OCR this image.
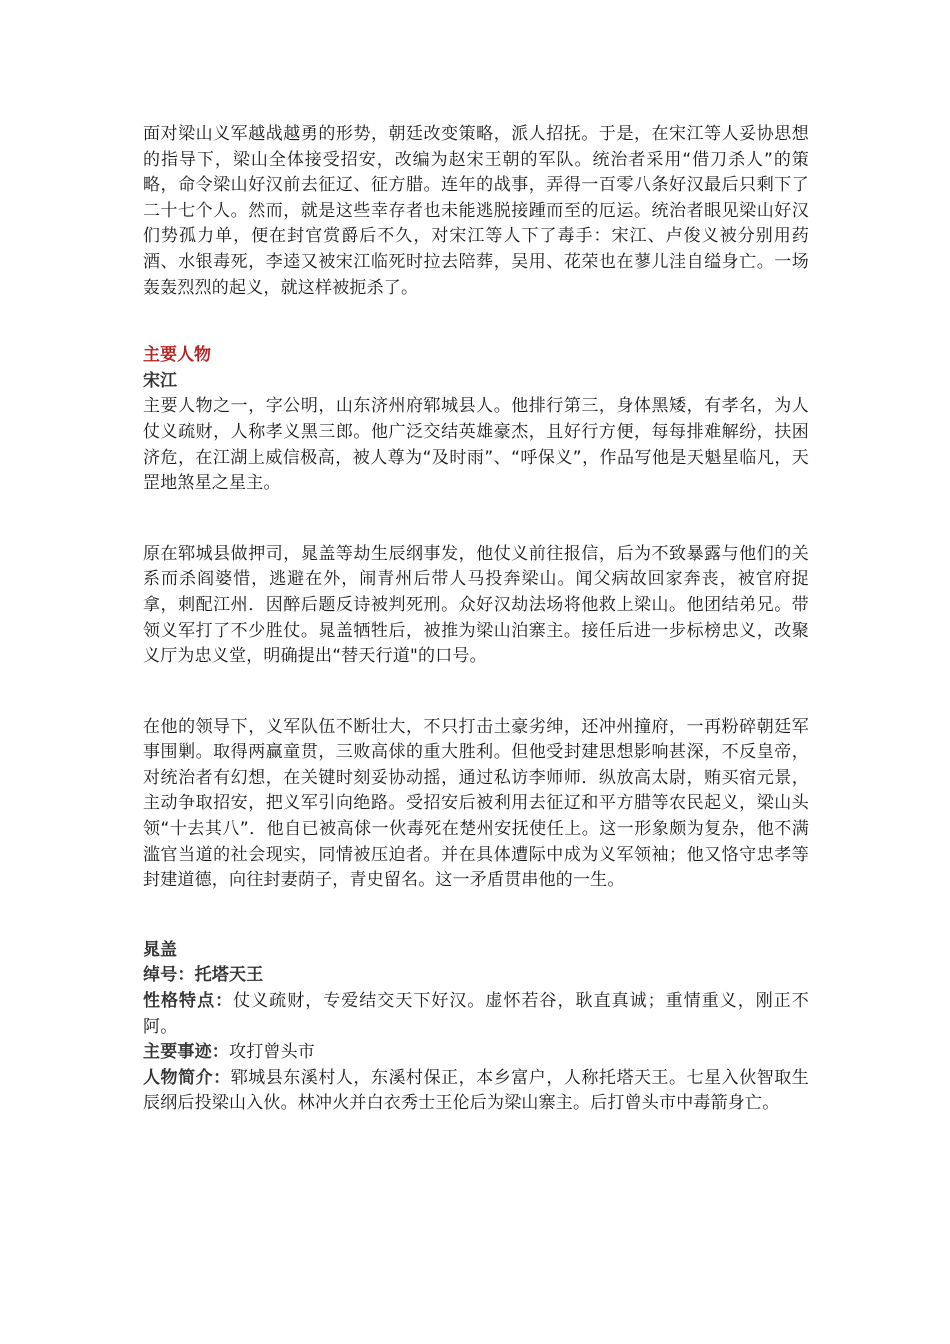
面对梁山义军越战越勇的形势，朝廷改变策略，派人招抚。于是，在宋江等人妥协思想的指导下，梁山全体接受招安，改编为赵宋王朝的军队。统治者采用“借刀杀人”的策略，命令梁山好汉前去征辽、征方腊。连年的战事，弄得一百零八条好汉最后只剩下了二十七个人。然而，就是这些幸存者也未能逃脱接踵而至的厄运。统治者眼见梁山好汉们势孤力单，便在封官赏爵后不久，对宋江等人下了毒手：宋江、卢俊义被分别用药酒、水银毒死，李逵又被宋江临死时拉去陪葬，吴用、花荣也在蓼儿洼自缢身亡。一场轰轰烈烈的起义，就这样被扼杀了。

主要人物
宋江

主要人物之一，字公明，山东济州府郓城县人。他排行第三，身体黑矮，有孝名，为人仗义疏财，人称孝义黑三郎。他广泛交结英雄豪杰，且好行方便，每每排难解纷，扶困济危，在江湖上威信极高，被人尊为“及时雨”、“呼保义”，作品写他是天魁星临凡，天罡地煞星之星主。

原在郓城县做押司，晁盖等劫生辰纲事发，他仗义前往报信，后为不致暴露与他们的关系而杀阎婆惜，逃避在外，闹青州后带人马投奔梁山。闻父病故回家奔丧，被官府捉拿，刺配江州．因醉后题反诗被判死刑。众好汉劫法场将他救上梁山。他团结弟兄。带领义军打了不少胜仗。晁盖牺牲后，被推为梁山泊寨主。接任后进一步标榜忠义，改聚义厅为忠义堂，明确提出“替天行道"的口号。

在他的领导下，义军队伍不断壮大，不只打击土豪劣绅，还冲州撞府，一再粉碎朝廷军事围剿。取得两赢童贯，三败高俅的重大胜利。但他受封建思想影响甚深，不反皇帝，对统治者有幻想，在关键时刻妥协动摇，通过私访李师师．纵放高太尉，贿买宿元景，主动争取招安，把义军引向绝路。受招安后被利用去征辽和平方腊等农民起义，梁山头领“十去其八”．他自已被高俅一伙毒死在楚州安抚使任上。这一形象颇为复杂，他不满滥官当道的社会现实，同情被压迫者。并在具体遭际中成为义军领袖；他又恪守忠孝等封建道德，向往封妻荫子，青史留名。这一矛盾贯串他的一生。

晁盖

绰号：托塔天王

性格特点：仗义疏财，专爱结交天下好汉。虚怀若谷，耿直真诚；重情重义，刚正不阿。

主要事迹：攻打曾头市

人物简介：郓城县东溪村人，东溪村保正，本乡富户，人称托塔天王。七星入伙智取生辰纲后投梁山入伙。林冲火并白衣秀士王伦后为梁山寨主。后打曾头市中毒箭身亡。
